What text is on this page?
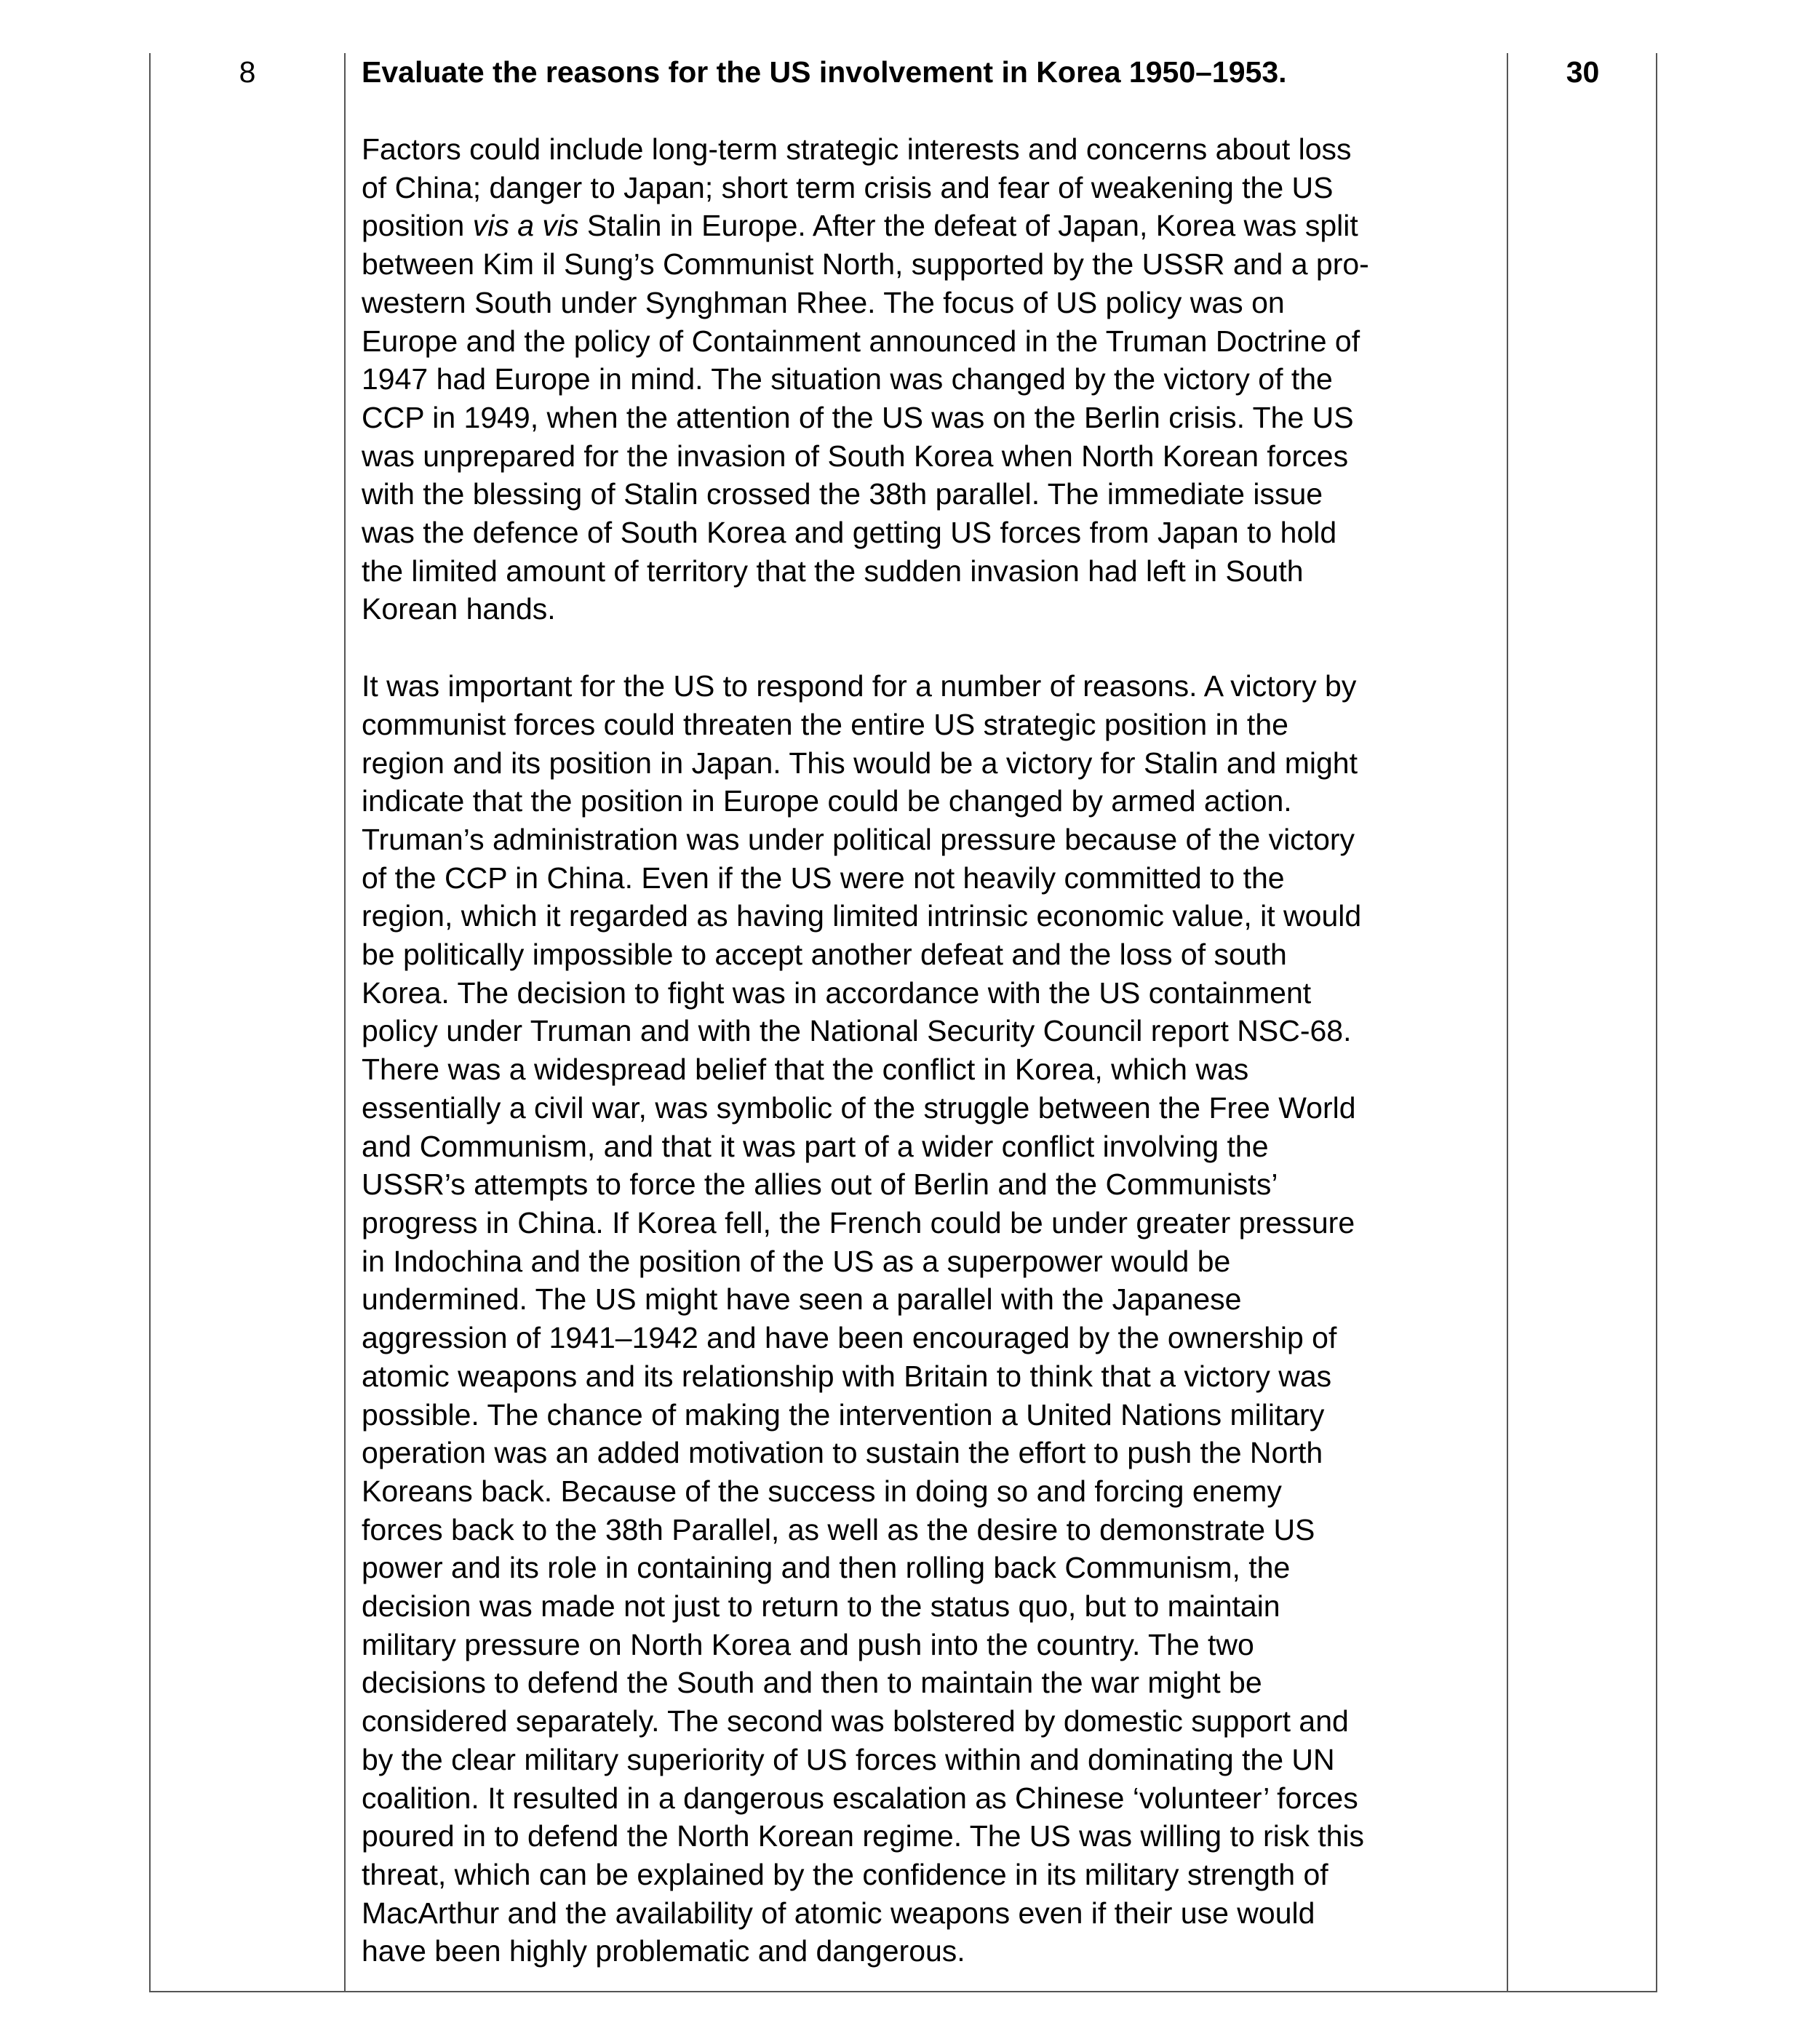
8	Evaluate the reasons for the US involvement in Korea 1950–1953.

Factors could include long-term strategic interests and concerns about loss
of China; danger to Japan; short term crisis and fear of weakening the US
position vis a vis Stalin in Europe. After the defeat of Japan, Korea was split
between Kim il Sung’s Communist North, supported by the USSR and a pro-
western South under Synghman Rhee. The focus of US policy was on
Europe and the policy of Containment announced in the Truman Doctrine of
1947 had Europe in mind. The situation was changed by the victory of the
CCP in 1949, when the attention of the US was on the Berlin crisis. The US
was unprepared for the invasion of South Korea when North Korean forces
with the blessing of Stalin crossed the 38th parallel. The immediate issue
was the defence of South Korea and getting US forces from Japan to hold
the limited amount of territory that the sudden invasion had left in South
Korean hands.

It was important for the US to respond for a number of reasons. A victory by
communist forces could threaten the entire US strategic position in the
region and its position in Japan. This would be a victory for Stalin and might
indicate that the position in Europe could be changed by armed action.
Truman’s administration was under political pressure because of the victory
of the CCP in China. Even if the US were not heavily committed to the
region, which it regarded as having limited intrinsic economic value, it would
be politically impossible to accept another defeat and the loss of south
Korea. The decision to fight was in accordance with the US containment
policy under Truman and with the National Security Council report NSC-68.
There was a widespread belief that the conflict in Korea, which was
essentially a civil war, was symbolic of the struggle between the Free World
and Communism, and that it was part of a wider conflict involving the
USSR’s attempts to force the allies out of Berlin and the Communists’
progress in China. If Korea fell, the French could be under greater pressure
in Indochina and the position of the US as a superpower would be
undermined. The US might have seen a parallel with the Japanese
aggression of 1941–1942 and have been encouraged by the ownership of
atomic weapons and its relationship with Britain to think that a victory was
possible. The chance of making the intervention a United Nations military
operation was an added motivation to sustain the effort to push the North
Koreans back. Because of the success in doing so and forcing enemy
forces back to the 38th Parallel, as well as the desire to demonstrate US
power and its role in containing and then rolling back Communism, the
decision was made not just to return to the status quo, but to maintain
military pressure on North Korea and push into the country. The two
decisions to defend the South and then to maintain the war might be
considered separately. The second was bolstered by domestic support and
by the clear military superiority of US forces within and dominating the UN
coalition. It resulted in a dangerous escalation as Chinese ‘volunteer’ forces
poured in to defend the North Korean regime. The US was willing to risk this
threat, which can be explained by the confidence in its military strength of
MacArthur and the availability of atomic weapons even if their use would
have been highly problematic and dangerous.

30
